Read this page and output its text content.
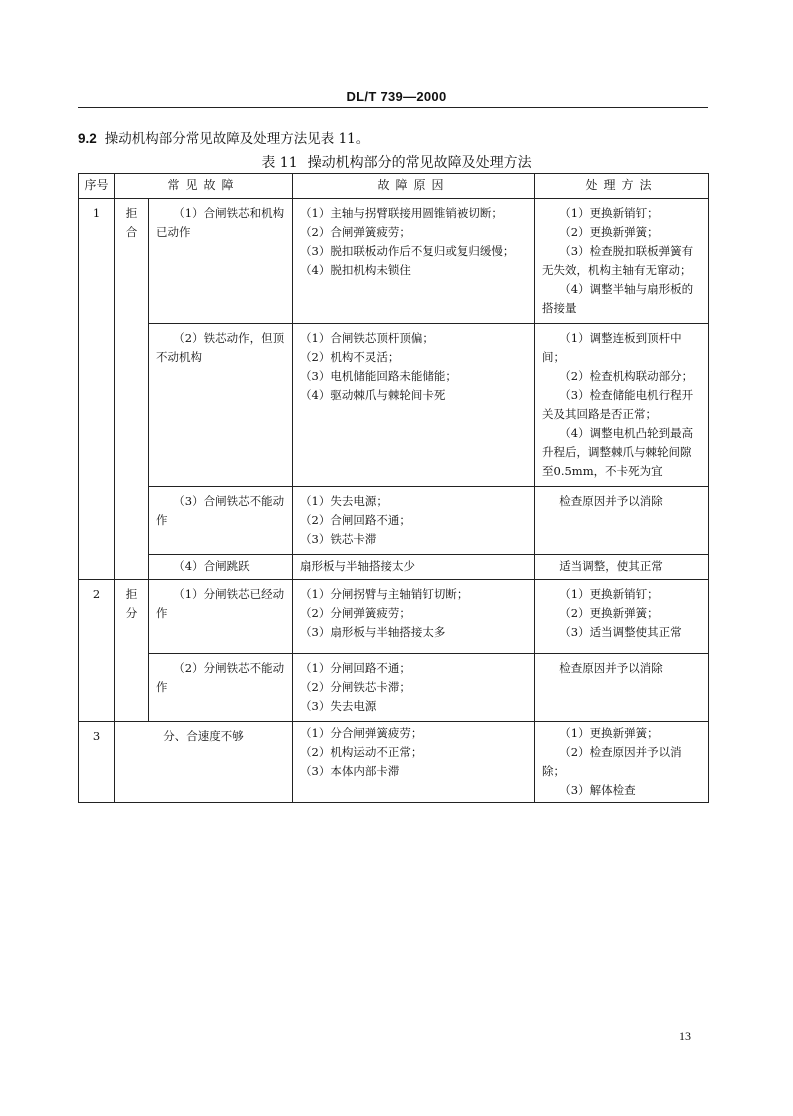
DL/T 739—2000
9.2 操动机构部分常见故障及处理方法见表 11。
表 11 操动机构部分的常见故障及处理方法
序号	常见故障		故障原因	处理方法
1	拒合	（1）合闸铁芯和机构已动作	（1）主轴与拐臂联接用圆锥销被切断；
（2）合闸弹簧疲劳；
（3）脱扣联板动作后不复归或复归缓慢；
（4）脱扣机构未锁住	（1）更换新销钉；
（2）更换新弹簧；
（3）检查脱扣联板弹簧有无失效，机构主轴有无窜动；
（4）调整半轴与扇形板的搭接量

		（2）铁芯动作，但顶不动机构	（1）合闸铁芯顶杆顶偏；
（2）机构不灵活；
（3）电机储能回路未能储能；
（4）驱动棘爪与棘轮间卡死	（1）调整连板到顶杆中间；
（2）检查机构联动部分；
（3）检查储能电机行程开关及其回路是否正常；
（4）调整电机凸轮到最高升程后，调整棘爪与棘轮间隙至0.5mm，不卡死为宜

		（3）合闸铁芯不能动作	（1）失去电源；
（2）合闸回路不通；
（3）铁芯卡滞	检查原因并予以消除

		（4）合闸跳跃	扇形板与半轴搭接太少	适当调整，使其正常

2	拒分	（1）分闸铁芯已经动作	（1）分闸拐臂与主轴销钉切断；
（2）分闸弹簧疲劳；
（3）扇形板与半轴搭接太多	（1）更换新销钉；
（2）更换新弹簧；
（3）适当调整使其正常

		（2）分闸铁芯不能动作	（1）分闸回路不通；
（2）分闸铁芯卡滞；
（3）失去电源	检查原因并予以消除

3	分、合速度不够		（1）分合闸弹簧疲劳；
（2）机构运动不正常；
（3）本体内部卡滞	（1）更换新弹簧；
（2）检查原因并予以消除；
（3）解体检查
13
